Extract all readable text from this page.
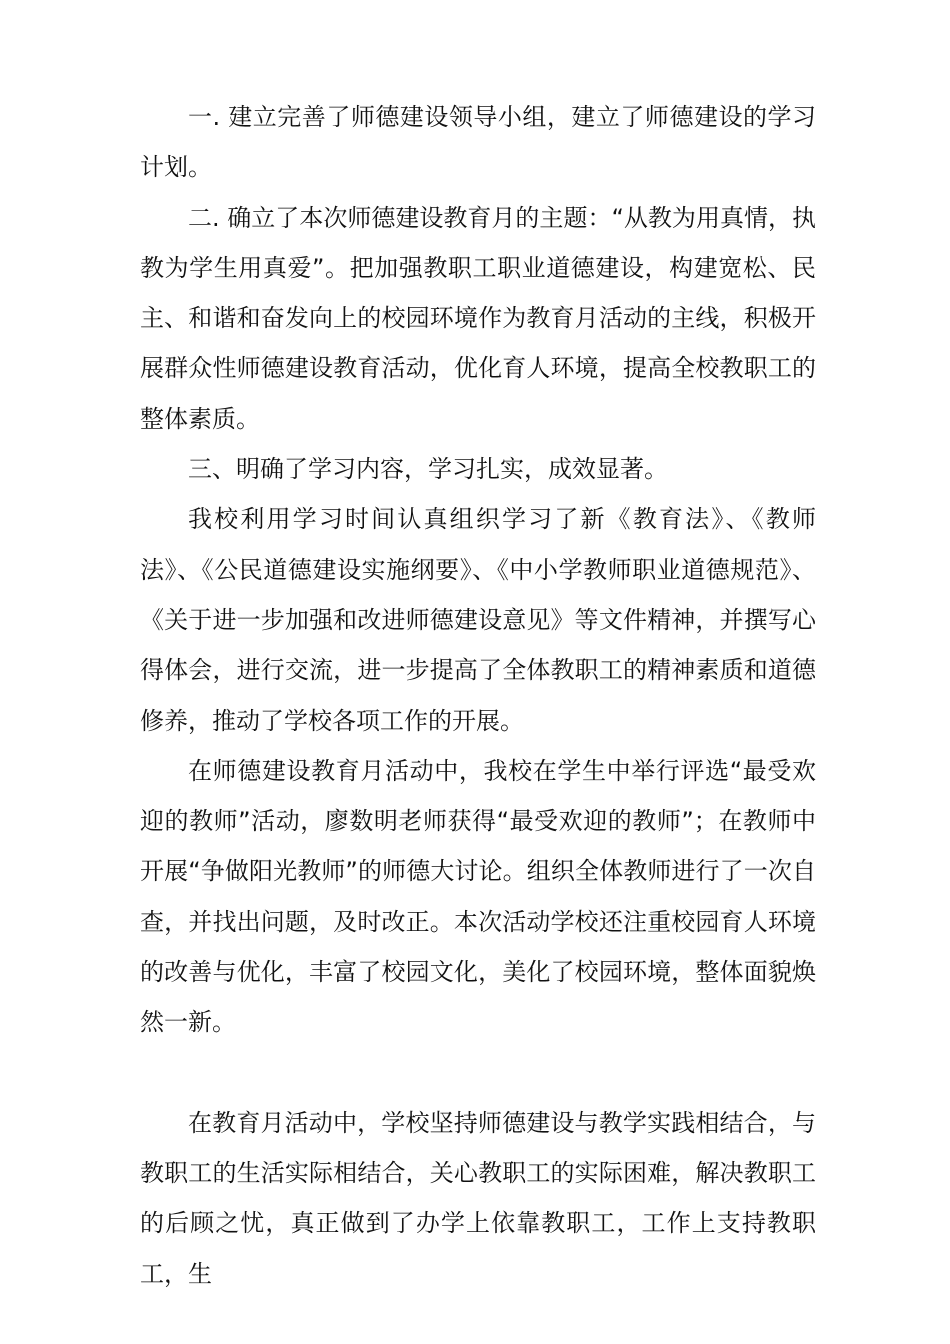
一. 建立完善了师德建设领导小组，建立了师德建设的学习计划。

二. 确立了本次师德建设教育月的主题：“从教为用真情，执教为学生用真爱”。把加强教职工职业道德建设，构建宽松、民主、和谐和奋发向上的校园环境作为教育月活动的主线，积极开展群众性师德建设教育活动，优化育人环境，提高全校教职工的整体素质。

三、明确了学习内容，学习扎实，成效显著。

我校利用学习时间认真组织学习了新《教育法》、《教师法》、《公民道德建设实施纲要》、《中小学教师职业道德规范》、《关于进一步加强和改进师德建设意见》等文件精神，并撰写心得体会，进行交流，进一步提高了全体教职工的精神素质和道德修养，推动了学校各项工作的开展。

在师德建设教育月活动中，我校在学生中举行评选“最受欢迎的教师”活动，廖数明老师获得“最受欢迎的教师”；在教师中开展“争做阳光教师”的师德大讨论。组织全体教师进行了一次自查，并找出问题，及时改正。本次活动学校还注重校园育人环境的改善与优化，丰富了校园文化，美化了校园环境，整体面貌焕然一新。

在教育月活动中，学校坚持师德建设与教学实践相结合，与教职工的生活实际相结合，关心教职工的实际困难，解决教职工的后顾之忧，真正做到了办学上依靠教职工，工作上支持教职工，生
